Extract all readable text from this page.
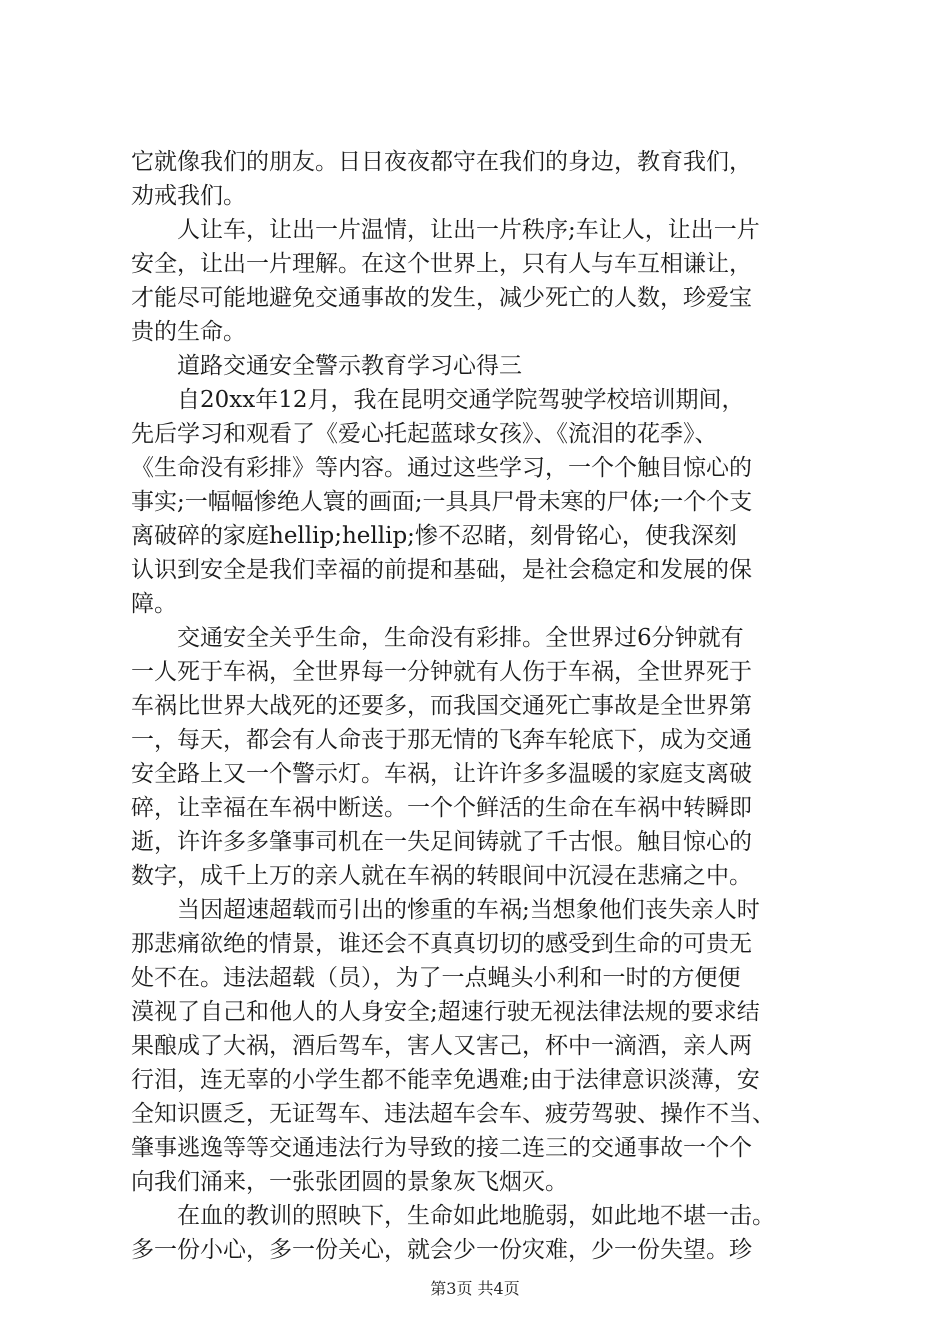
它就像我们的朋友。日日夜夜都守在我们的身边，教育我们，
劝戒我们。
　　人让车，让出一片温情，让出一片秩序;车让人，让出一片
安全，让出一片理解。在这个世界上，只有人与车互相谦让，
才能尽可能地避免交通事故的发生，减少死亡的人数，珍爱宝
贵的生命。
　　道路交通安全警示教育学习心得三
　　自20xx年12月，我在昆明交通学院驾驶学校培训期间，
先后学习和观看了《爱心托起蓝球女孩》、《流泪的花季》、
《生命没有彩排》等内容。通过这些学习，一个个触目惊心的
事实;一幅幅惨绝人寰的画面;一具具尸骨未寒的尸体;一个个支
离破碎的家庭hellip;hellip;惨不忍睹，刻骨铭心，使我深刻
认识到安全是我们幸福的前提和基础，是社会稳定和发展的保
障。
　　交通安全关乎生命，生命没有彩排。全世界过6分钟就有
一人死于车祸，全世界每一分钟就有人伤于车祸，全世界死于
车祸比世界大战死的还要多，而我国交通死亡事故是全世界第
一，每天，都会有人命丧于那无情的飞奔车轮底下，成为交通
安全路上又一个警示灯。车祸，让许许多多温暖的家庭支离破
碎，让幸福在车祸中断送。一个个鲜活的生命在车祸中转瞬即
逝，许许多多肇事司机在一失足间铸就了千古恨。触目惊心的
数字，成千上万的亲人就在车祸的转眼间中沉浸在悲痛之中。
　　当因超速超载而引出的惨重的车祸;当想象他们丧失亲人时
那悲痛欲绝的情景，谁还会不真真切切的感受到生命的可贵无
处不在。违法超载（员），为了一点蝇头小利和一时的方便便
漠视了自己和他人的人身安全;超速行驶无视法律法规的要求结
果酿成了大祸，酒后驾车，害人又害己，杯中一滴酒，亲人两
行泪，连无辜的小学生都不能幸免遇难;由于法律意识淡薄，安
全知识匮乏，无证驾车、违法超车会车、疲劳驾驶、操作不当、
肇事逃逸等等交通违法行为导致的接二连三的交通事故一个个
向我们涌来，一张张团圆的景象灰飞烟灭。
　　在血的教训的照映下，生命如此地脆弱，如此地不堪一击。
多一份小心，多一份关心，就会少一份灾难，少一份失望。珍
第3页 共4页
